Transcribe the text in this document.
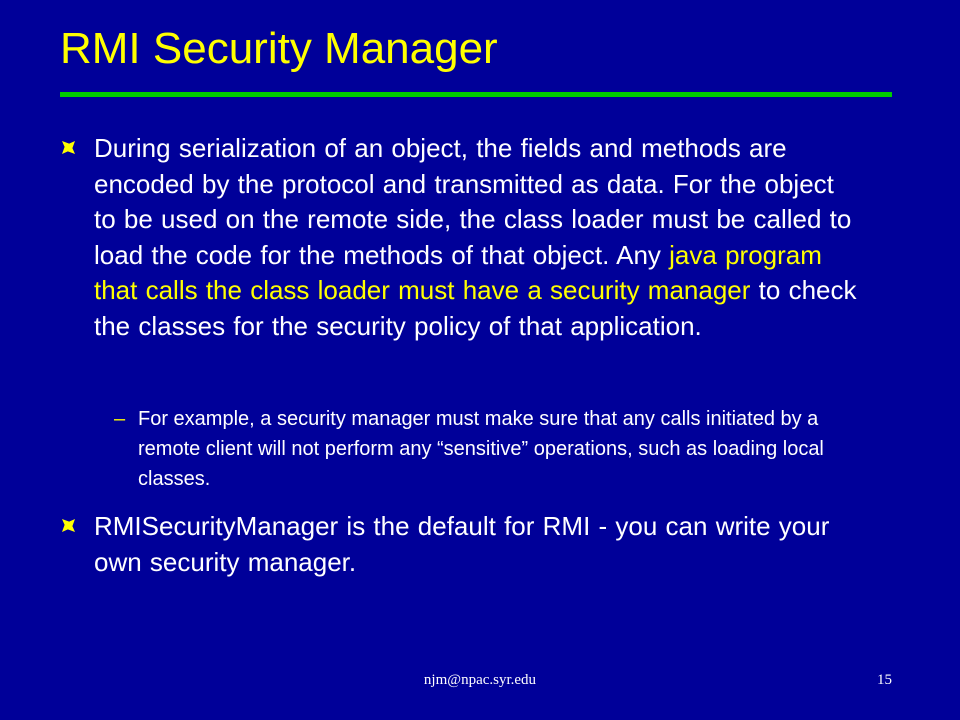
RMI Security Manager
During serialization of an object, the fields and methods are encoded by the protocol and transmitted as data. For the object to be used on the remote side, the class loader must be called to load the code for the methods of that object. Any java program that calls the class loader must have a security manager to check the classes for the security policy of that application.
– For example, a security manager must make sure that any calls initiated by a remote client will not perform any “sensitive” operations, such as loading local classes.
RMISecurityManager is the default for RMI - you can write your own security manager.
njm@npac.syr.edu	15
